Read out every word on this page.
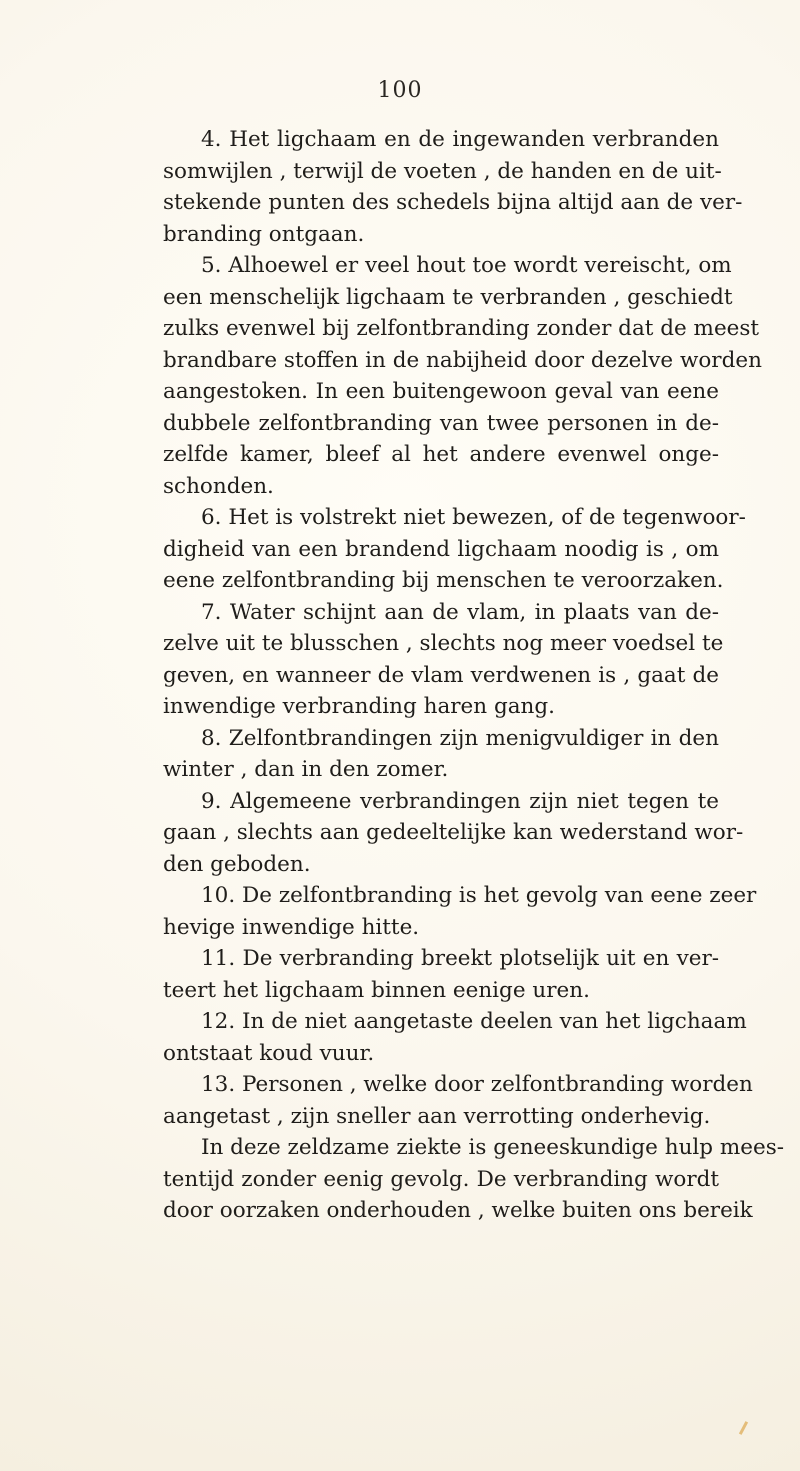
100
4. Het ligchaam en de ingewanden verbranden
somwijlen , terwijl de voeten , de handen en de uit-
stekende punten des schedels bijna altijd aan de ver-
branding ontgaan.
5. Alhoewel er veel hout toe wordt vereischt, om
een menschelijk ligchaam te verbranden , geschiedt
zulks evenwel bij zelfontbranding zonder dat de meest
brandbare stoffen in de nabijheid door dezelve worden
aangestoken. In een buitengewoon geval van eene
dubbele zelfontbranding van twee personen in de-
zelfde kamer, bleef al het andere evenwel onge-
schonden.
6. Het is volstrekt niet bewezen, of de tegenwoor-
digheid van een brandend ligchaam noodig is , om
eene zelfontbranding bij menschen te veroorzaken.
7. Water schijnt aan de vlam, in plaats van de-
zelve uit te blusschen , slechts nog meer voedsel te
geven, en wanneer de vlam verdwenen is , gaat de
inwendige verbranding haren gang.
8. Zelfontbrandingen zijn menigvuldiger in den
winter , dan in den zomer.
9. Algemeene verbrandingen zijn niet tegen te
gaan , slechts aan gedeeltelijke kan wederstand wor-
den geboden.
10. De zelfontbranding is het gevolg van eene zeer
hevige inwendige hitte.
11. De verbranding breekt plotselijk uit en ver-
teert het ligchaam binnen eenige uren.
12. In de niet aangetaste deelen van het ligchaam
ontstaat koud vuur.
13. Personen , welke door zelfontbranding worden
aangetast , zijn sneller aan verrotting onderhevig.
In deze zeldzame ziekte is geneeskundige hulp mees-
tentijd zonder eenig gevolg. De verbranding wordt
door oorzaken onderhouden , welke buiten ons bereik
